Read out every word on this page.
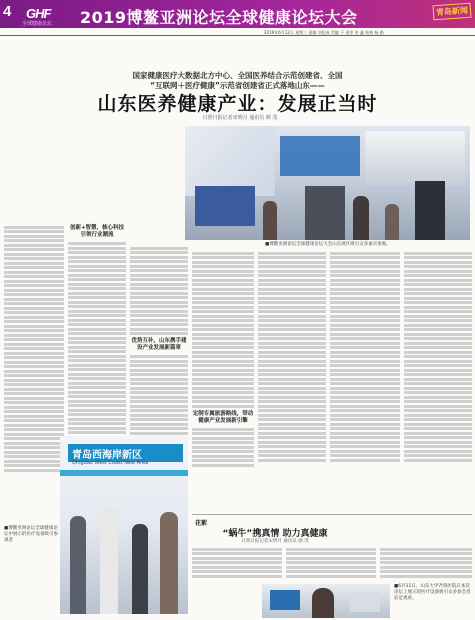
4 GHF
全球健康论坛 2019博鳌亚洲论坛全球健康论坛大会	青岛新闻
2019年6月12日 星期三 责编 刘佳成 美编 于 责审 张 鑫 检校 杨 路
国家健康医疗大数据北方中心、全国医养结合示范创建省、全国
“互联网＋医疗健康”示范省创建省正式落地山东——
山东医养健康产业：发展正当时
日照日报记者宋明月 通讯员 颜 茂
■博鳌亚洲论坛全球健康论坛大会山东展区吸引众多嘉宾参观。

创新+智慧，核心科技引领行业潮流

优势互补，山东携手建设产业发展新篇章

定制专属旅游路线，带动健康产业发展新引擎

青岛西海岸新区
Qingdao West Coast New Area
■博鳌亚洲论坛全球健康论坛中展示的医疗设备吸引参观者
花絮
“蜗牛”携真情 助力真健康
日照日报记者宋明月 通讯员 颜 茂

■6月11日，山东大学齐鲁医院在本次论坛上展示的医疗设备吸引众多参会者驻足观看。
